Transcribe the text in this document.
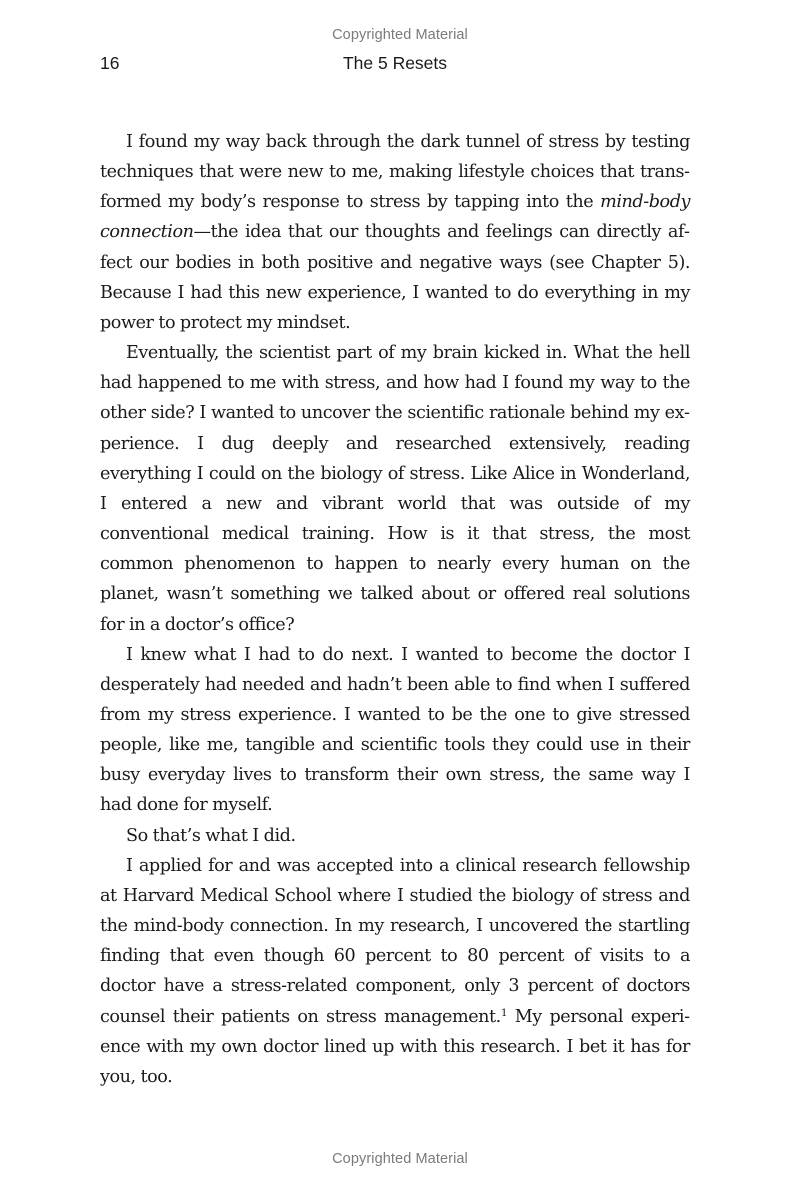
Copyrighted Material
16	The 5 Resets

I found my way back through the dark tunnel of stress by testing techniques that were new to me, making lifestyle choices that transformed my body’s response to stress by tapping into the mind-body connection—the idea that our thoughts and feelings can directly affect our bodies in both positive and negative ways (see Chapter 5). Because I had this new experience, I wanted to do everything in my power to protect my mindset.

Eventually, the scientist part of my brain kicked in. What the hell had happened to me with stress, and how had I found my way to the other side? I wanted to uncover the scientific rationale behind my experience. I dug deeply and researched extensively, reading everything I could on the biology of stress. Like Alice in Wonderland, I entered a new and vibrant world that was outside of my conventional medical training. How is it that stress, the most common phenomenon to happen to nearly every human on the planet, wasn’t something we talked about or offered real solutions for in a doctor’s office?

I knew what I had to do next. I wanted to become the doctor I desperately had needed and hadn’t been able to find when I suffered from my stress experience. I wanted to be the one to give stressed people, like me, tangible and scientific tools they could use in their busy everyday lives to transform their own stress, the same way I had done for myself.

So that’s what I did.

I applied for and was accepted into a clinical research fellowship at Harvard Medical School where I studied the biology of stress and the mind-body connection. In my research, I uncovered the startling finding that even though 60 percent to 80 percent of visits to a doctor have a stress-related component, only 3 percent of doctors counsel their patients on stress management.$^1$ My personal experience with my own doctor lined up with this research. I bet it has for you, too.

Copyrighted Material
